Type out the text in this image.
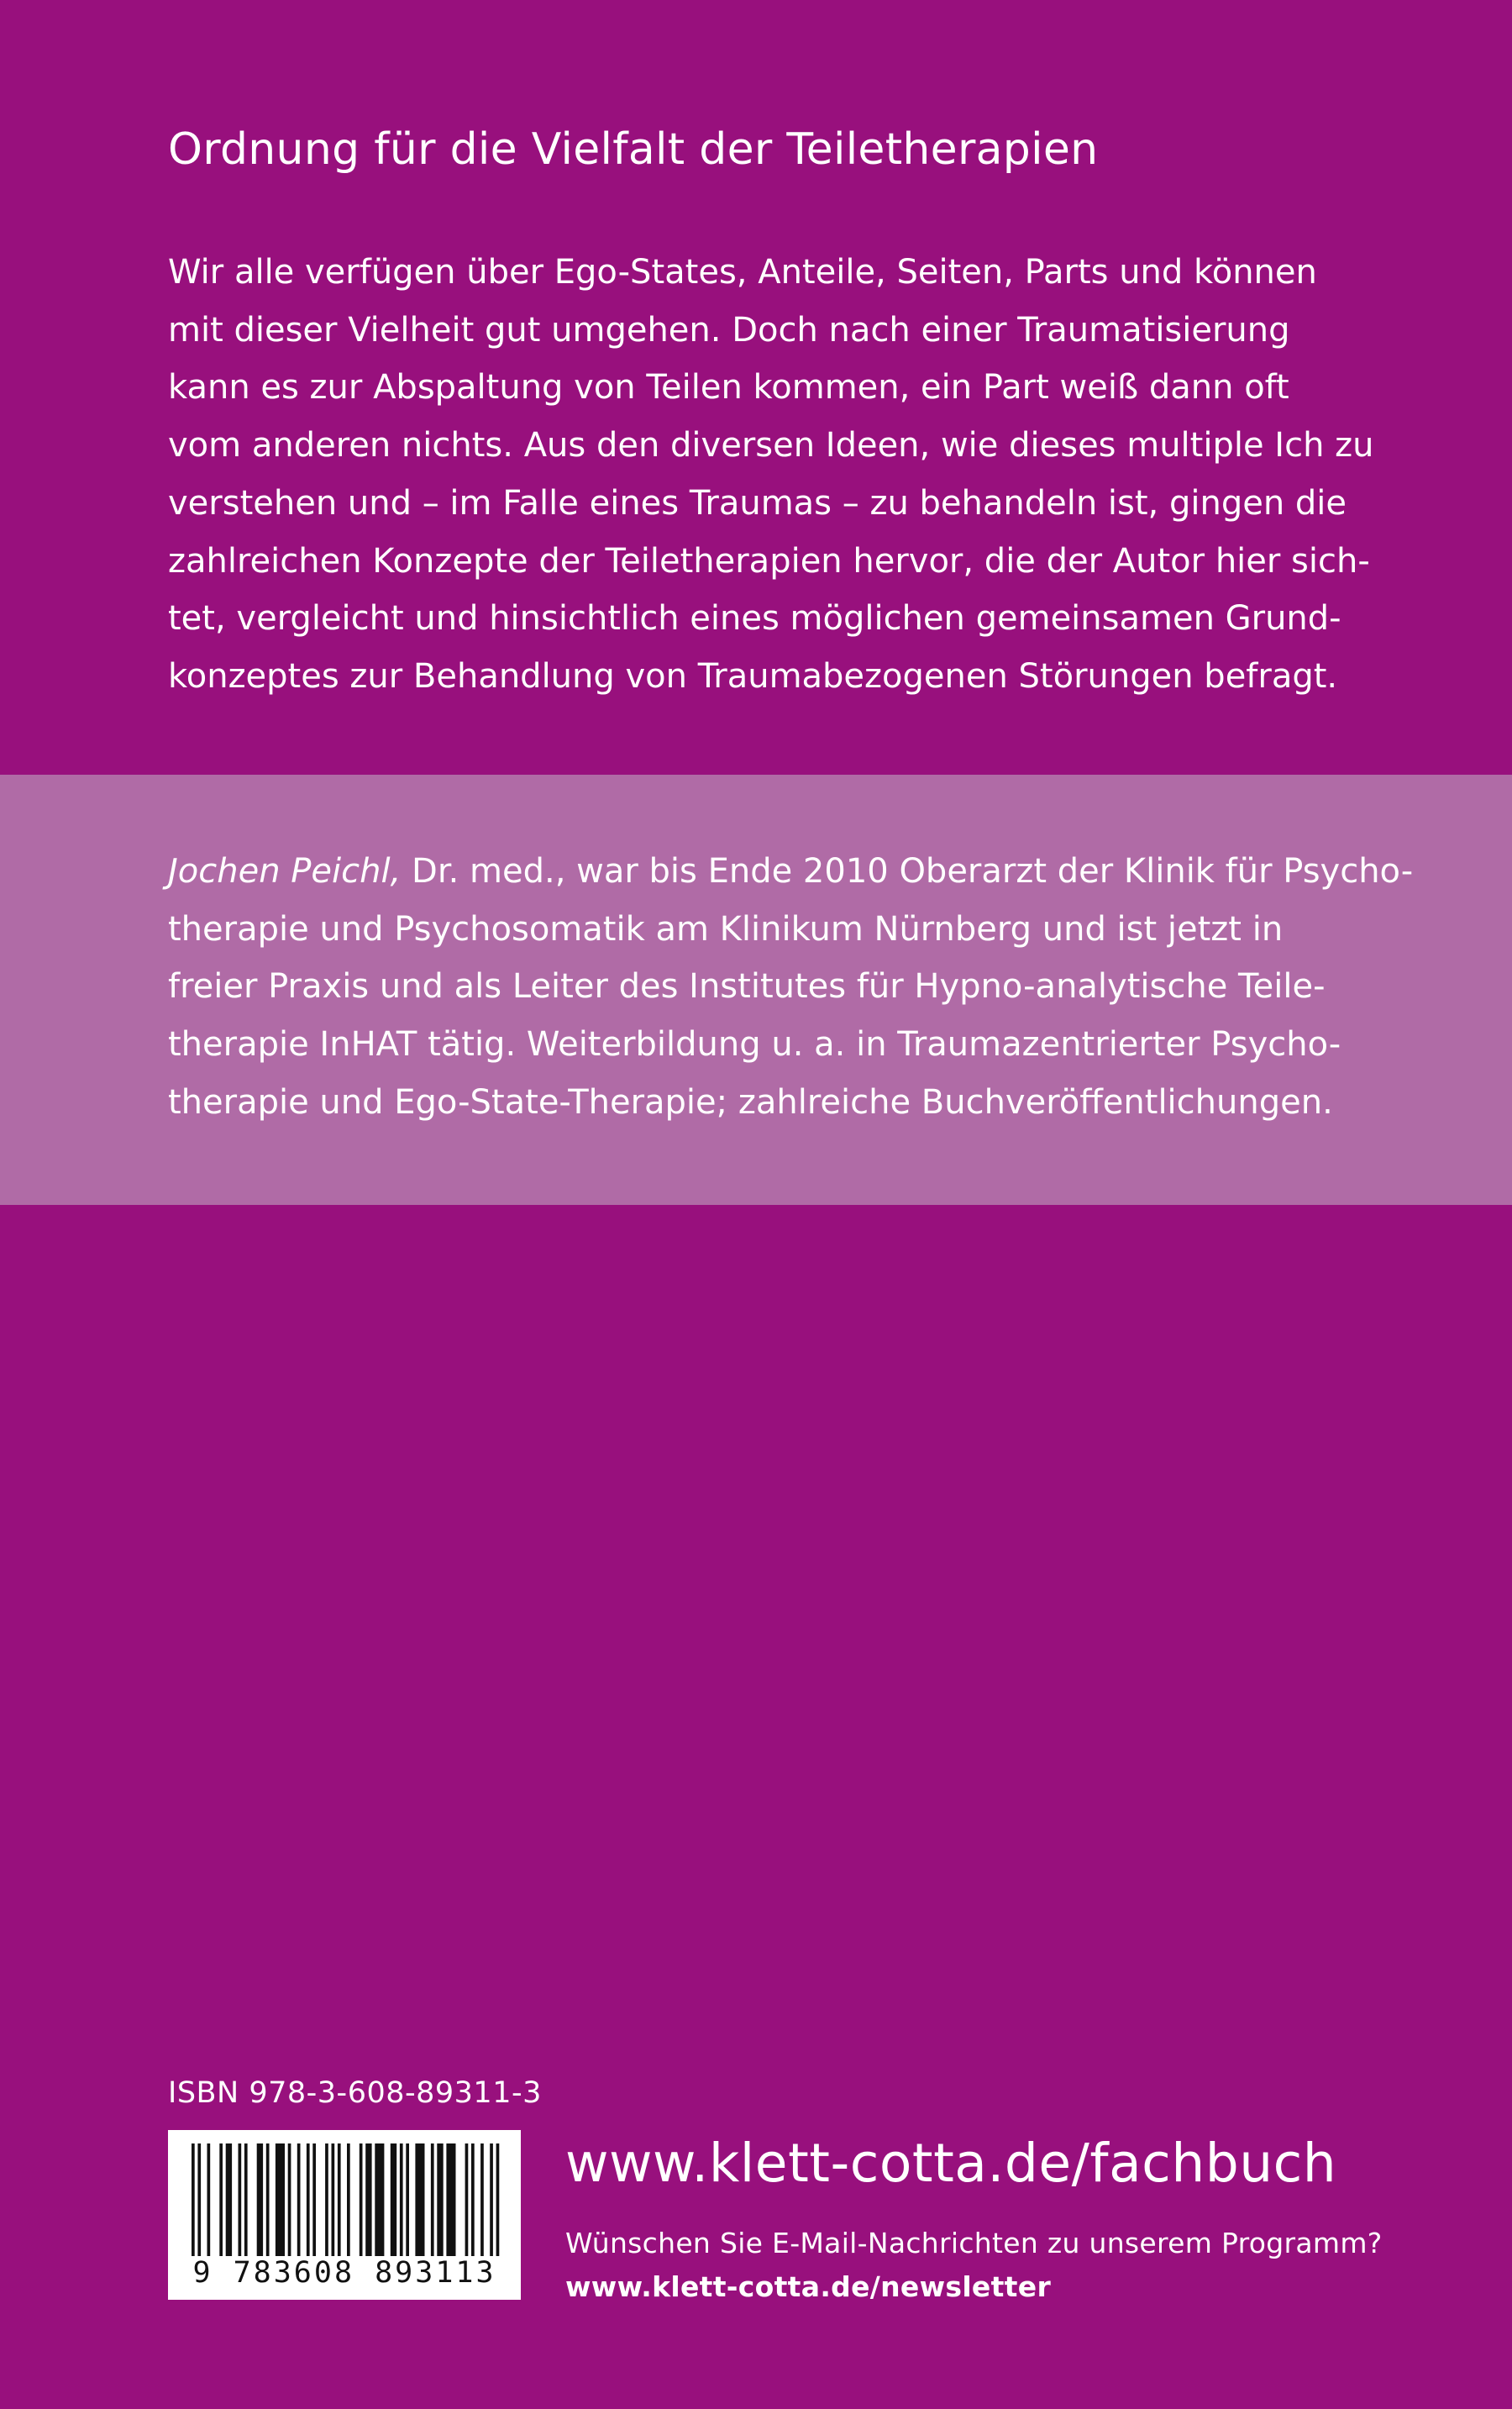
Ordnung für die Vielfalt der Teiletherapien

Wir alle verfügen über Ego-States, Anteile, Seiten, Parts und können
mit dieser Vielheit gut umgehen. Doch nach einer Traumatisierung
kann es zur Abspaltung von Teilen kommen, ein Part weiß dann oft
vom anderen nichts. Aus den diversen Ideen, wie dieses multiple Ich zu
verstehen und – im Falle eines Traumas – zu behandeln ist, gingen die
zahlreichen Konzepte der Teiletherapien hervor, die der Autor hier sich-
tet, vergleicht und hinsichtlich eines möglichen gemeinsamen Grund-
konzeptes zur Behandlung von Traumabezogenen Störungen befragt.

Jochen Peichl, Dr. med., war bis Ende 2010 Oberarzt der Klinik für Psycho-
therapie und Psychosomatik am Klinikum Nürnberg und ist jetzt in
freier Praxis und als Leiter des Institutes für Hypno-analytische Teile-
therapie InHAT tätig. Weiterbildung u. a. in Traumazentrierter Psycho-
therapie und Ego-State-Therapie; zahlreiche Buchveröffentlichungen.

ISBN 978-3-608-89311-3
9 783608 893113
www.klett-cotta.de/fachbuch
Wünschen Sie E-Mail-Nachrichten zu unserem Programm?
www.klett-cotta.de/newsletter
